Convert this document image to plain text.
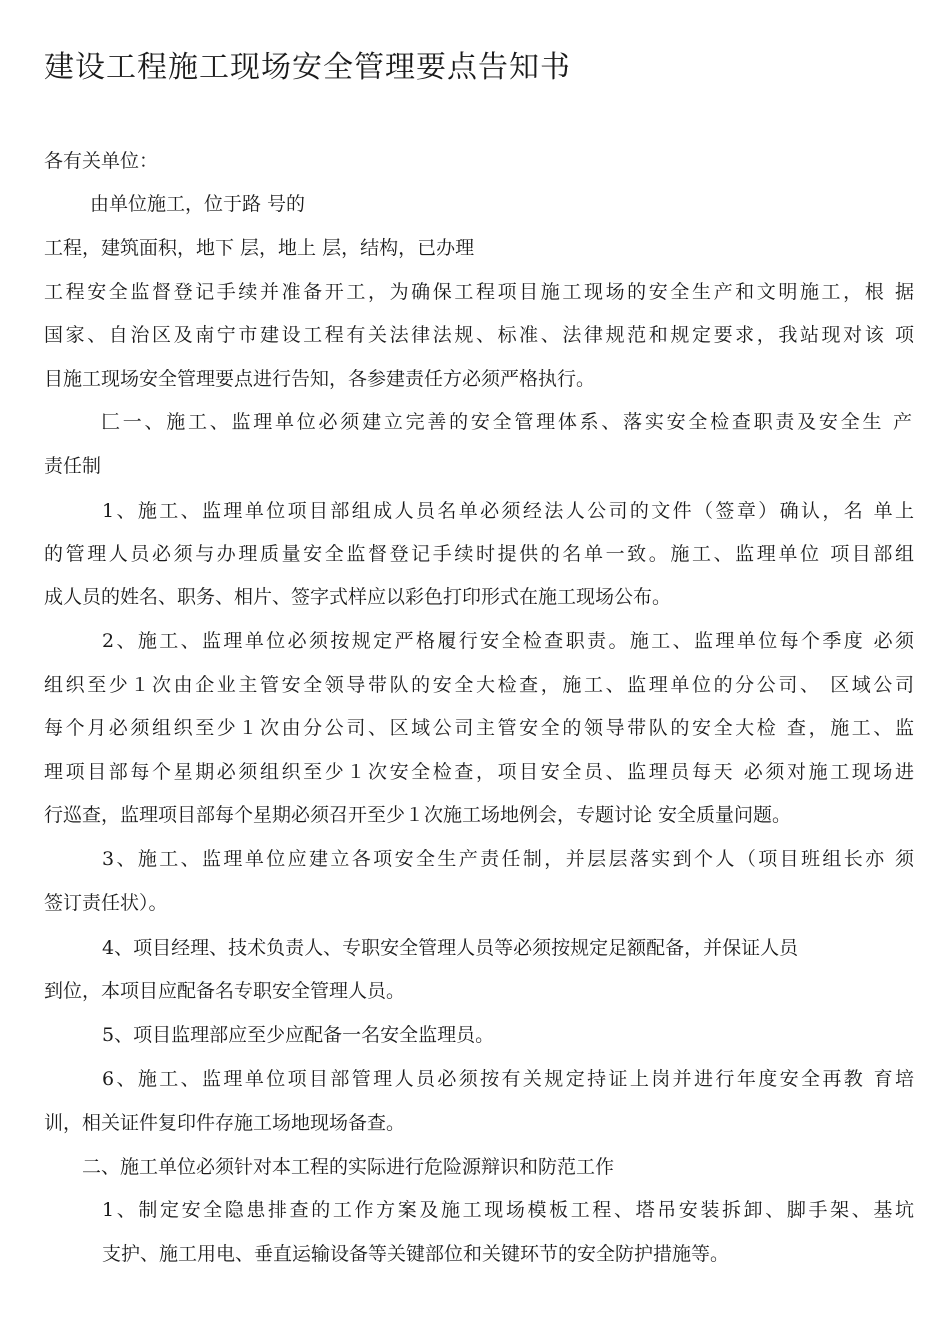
建设工程施工现场安全管理要点告知书

各有关单位：

由单位施工，位于路 号的

工程，建筑面积，地下 层，地上 层，结构，已办理

工程安全监督登记手续并准备开工，为确保工程项目施工现场的安全生产和文明施工，根 据

国家、自治区及南宁市建设工程有关法律法规、标准、法律规范和规定要求，我站现对该 项

目施工现场安全管理要点进行告知，各参建责任方必须严格执行。

匚一、施工、监理单位必须建立完善的安全管理体系、落实安全检查职责及安全生 产

责任制

1、施工、监理单位项目部组成人员名单必须经法人公司的文件（签章）确认，名 单上

的管理人员必须与办理质量安全监督登记手续时提供的名单一致。施工、监理单位 项目部组

成人员的姓名、职务、相片、签字式样应以彩色打印形式在施工现场公布。

2、施工、监理单位必须按规定严格履行安全检查职责。施工、监理单位每个季度 必须

组织至少１次由企业主管安全领导带队的安全大检查，施工、监理单位的分公司、 区域公司

每个月必须组织至少１次由分公司、区域公司主管安全的领导带队的安全大检 查，施工、监

理项目部每个星期必须组织至少１次安全检查，项目安全员、监理员每天 必须对施工现场进

行巡查，监理项目部每个星期必须召开至少１次施工场地例会，专题讨论 安全质量问题。

3、施工、监理单位应建立各项安全生产责任制，并层层落实到个人（项目班组长亦 须

签订责任状）。

4、项目经理、技术负责人、专职安全管理人员等必须按规定足额配备，并保证人员

到位，本项目应配备名专职安全管理人员。

5、项目监理部应至少应配备一名安全监理员。

6、施工、监理单位项目部管理人员必须按有关规定持证上岗并进行年度安全再教 育培

训，相关证件复印件存施工场地现场备查。

二、施工单位必须针对本工程的实际进行危险源辩识和防范工作

1、制定安全隐患排查的工作方案及施工现场模板工程、塔吊安装拆卸、脚手架、基坑

支护、施工用电、垂直运输设备等关键部位和关键环节的安全防护措施等。
